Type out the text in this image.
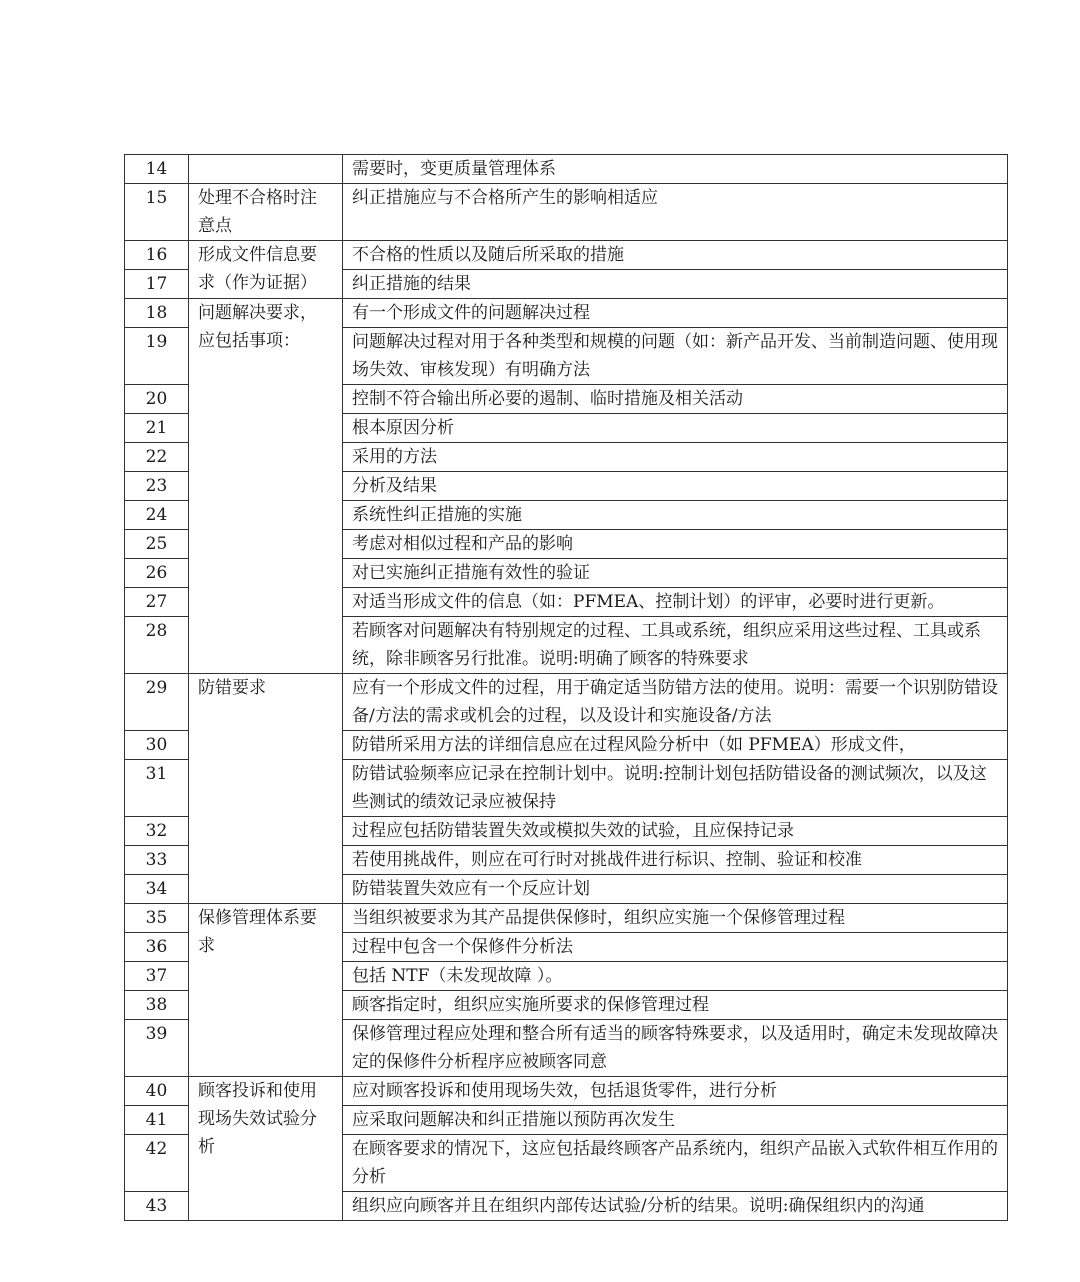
14		需要时，变更质量管理体系
15	处理不合格时注意点	纠正措施应与不合格所产生的影响相适应
16	形成文件信息要求（作为证据）	不合格的性质以及随后所采取的措施
17		纠正措施的结果
18	问题解决要求，应包括事项：	有一个形成文件的问题解决过程
19		问题解决过程对用于各种类型和规模的问题（如：新产品开发、当前制造问题、使用现场失效、审核发现）有明确方法
20		控制不符合输出所必要的遏制、临时措施及相关活动
21		根本原因分析
22		采用的方法
23		分析及结果
24		系统性纠正措施的实施
25		考虑对相似过程和产品的影响
26		对已实施纠正措施有效性的验证
27		对适当形成文件的信息（如：PFMEA、控制计划）的评审，必要时进行更新。
28		若顾客对问题解决有特别规定的过程、工具或系统，组织应采用这些过程、工具或系统，除非顾客另行批准。说明:明确了顾客的特殊要求
29	防错要求	应有一个形成文件的过程，用于确定适当防错方法的使用。说明：需要一个识别防错设备/方法的需求或机会的过程，以及设计和实施设备/方法
30		防错所采用方法的详细信息应在过程风险分析中（如 PFMEA）形成文件，
31		防错试验频率应记录在控制计划中。说明:控制计划包括防错设备的测试频次，以及这些测试的绩效记录应被保持
32		过程应包括防错装置失效或模拟失效的试验，且应保持记录
33		若使用挑战件，则应在可行时对挑战件进行标识、控制、验证和校准
34		防错装置失效应有一个反应计划
35	保修管理体系要求	当组织被要求为其产品提供保修时，组织应实施一个保修管理过程
36		过程中包含一个保修件分析法
37		包括 NTF（未发现故障 ）。
38		顾客指定时，组织应实施所要求的保修管理过程
39		保修管理过程应处理和整合所有适当的顾客特殊要求，以及适用时，确定未发现故障决定的保修件分析程序应被顾客同意
40	顾客投诉和使用现场失效试验分析	应对顾客投诉和使用现场失效，包括退货零件，进行分析
41		应采取问题解决和纠正措施以预防再次发生
42		在顾客要求的情况下，这应包括最终顾客产品系统内，组织产品嵌入式软件相互作用的分析
43		组织应向顾客并且在组织内部传达试验/分析的结果。说明:确保组织内的沟通
